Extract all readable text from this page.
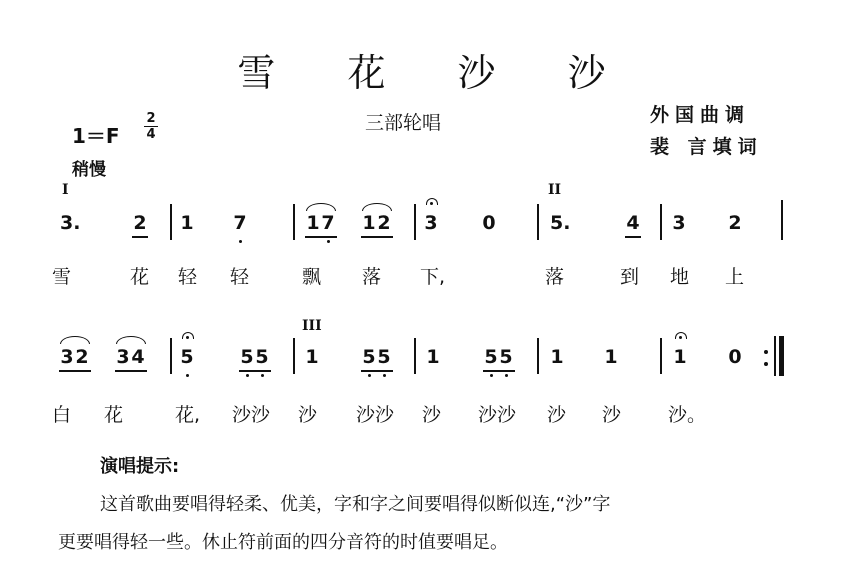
雪 花 沙 沙
三部轮唱	外国曲调
裴 言填词
1＝F
2
4
稍慢
I	II
III
3.	2 1 7	1 7 1 2 3 0	5.	4 3 2
雪	花 轻 轻	飘 落 下,	落	到 地 上
3 2 3 4 5 5 5 1 5 5 1 5 5 1 1	1 0
白 花	花, 沙沙 沙 沙沙 沙 沙沙 沙 沙 沙。
演唱提示:
这首歌曲要唱得轻柔、优美，字和字之间要唱得似断似连,“沙”字
更要唱得轻一些。休止符前面的四分音符的时值要唱足。
